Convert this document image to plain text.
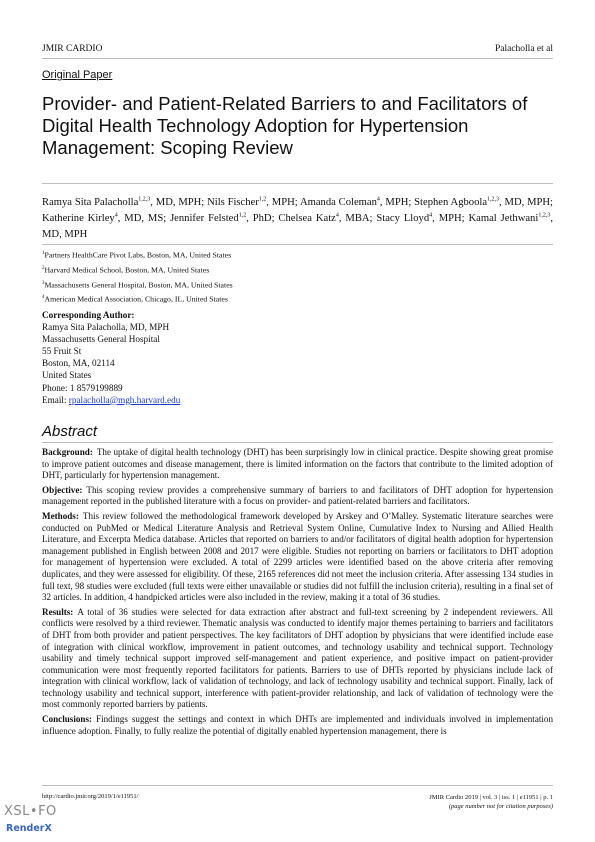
JMIR CARDIO	Palacholla et al
Original Paper
Provider- and Patient-Related Barriers to and Facilitators of Digital Health Technology Adoption for Hypertension Management: Scoping Review
Ramya Sita Palacholla$^{1,2,3}$, MD, MPH; Nils Fischer$^{1,2}$, MPH; Amanda Coleman$^4$, MPH; Stephen Agboola$^{1,2,3}$, MD, MPH; Katherine Kirley$^4$, MD, MS; Jennifer Felsted$^{1,2}$, PhD; Chelsea Katz$^4$, MBA; Stacy Lloyd$^4$, MPH; Kamal Jethwani$^{1,2,3}$, MD, MPH
$^1$Partners HealthCare Pivot Labs, Boston, MA, United States
$^2$Harvard Medical School, Boston, MA, United States
$^3$Massachusetts General Hospital, Boston, MA, United States
$^4$American Medical Association, Chicago, IL, United States
Corresponding Author:
Ramya Sita Palacholla, MD, MPH
Massachusetts General Hospital
55 Fruit St
Boston, MA, 02114
United States
Phone: 1 8579199889
Email: rpalacholla@mgh.harvard.edu
Abstract

Background: The uptake of digital health technology (DHT) has been surprisingly low in clinical practice. Despite showing great promise to improve patient outcomes and disease management, there is limited information on the factors that contribute to the limited adoption of DHT, particularly for hypertension management.

Objective: This scoping review provides a comprehensive summary of barriers to and facilitators of DHT adoption for hypertension management reported in the published literature with a focus on provider- and patient-related barriers and facilitators.

Methods: This review followed the methodological framework developed by Arskey and O’Malley. Systematic literature searches were conducted on PubMed or Medical Literature Analysis and Retrieval System Online, Cumulative Index to Nursing and Allied Health Literature, and Excerpta Medica database. Articles that reported on barriers to and/or facilitators of digital health adoption for hypertension management published in English between 2008 and 2017 were eligible. Studies not reporting on barriers or facilitators to DHT adoption for management of hypertension were excluded. A total of 2299 articles were identified based on the above criteria after removing duplicates, and they were assessed for eligibility. Of these, 2165 references did not meet the inclusion criteria. After assessing 134 studies in full text, 98 studies were excluded (full texts were either unavailable or studies did not fulfill the inclusion criteria), resulting in a final set of 32 articles. In addition, 4 handpicked articles were also included in the review, making it a total of 36 studies.

Results: A total of 36 studies were selected for data extraction after abstract and full-text screening by 2 independent reviewers. All conflicts were resolved by a third reviewer. Thematic analysis was conducted to identify major themes pertaining to barriers and facilitators of DHT from both provider and patient perspectives. The key facilitators of DHT adoption by physicians that were identified include ease of integration with clinical workflow, improvement in patient outcomes, and technology usability and technical support. Technology usability and timely technical support improved self-management and patient experience, and positive impact on patient-provider communication were most frequently reported facilitators for patients. Barriers to use of DHTs reported by physicians include lack of integration with clinical workflow, lack of validation of technology, and lack of technology usability and technical support. Finally, lack of technology usability and technical support, interference with patient-provider relationship, and lack of validation of technology were the most commonly reported barriers by patients.

Conclusions: Findings suggest the settings and context in which DHTs are implemented and individuals involved in implementation influence adoption. Finally, to fully realize the potential of digitally enabled hypertension management, there is

http://cardio.jmir.org/2019/1/e11951/	JMIR Cardio 2019 | vol. 3 | iss. 1 | e11951 | p. 1
(page number not for citation purposes)
XSL•FO
RenderX
